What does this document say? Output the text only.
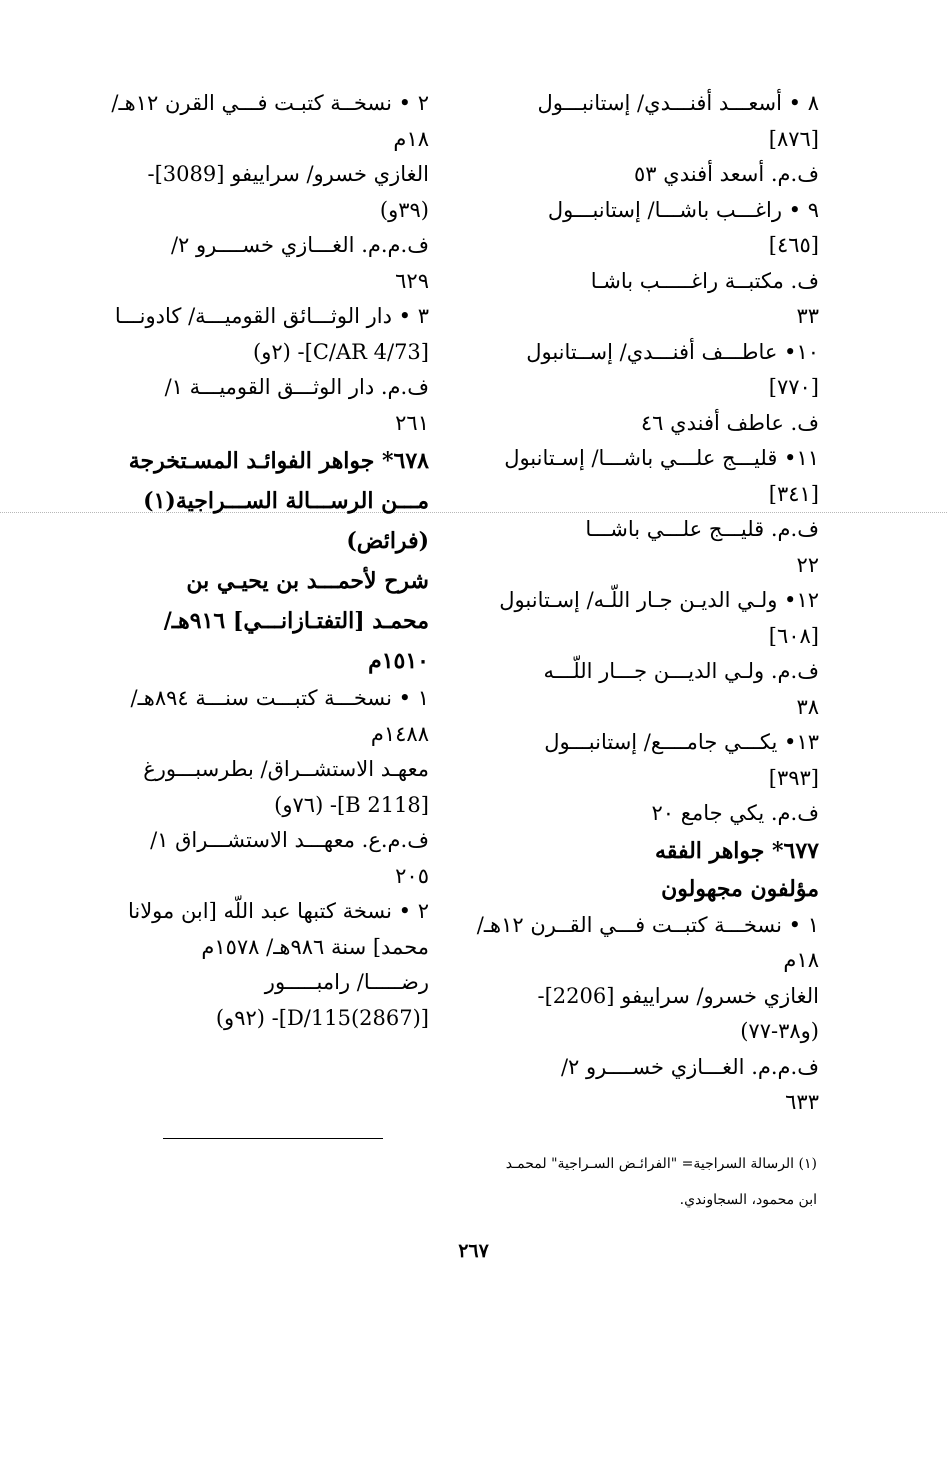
٨ • أسعـــد أفنـــدي/ إستانبـــول
[٨٧٦]
ف.م. أسعد أفندي ٥٣
٩ • راغـــب باشـــا/ إستانبـــول
[٤٦٥]
ف. مكتبــة راغـــــب باشـا
٣٣
١٠• عاطـــف أفنـــدي/ إســتانبول
[٧٧٠]
ف. عاطف أفندي ٤٦
١١• قليـــج علـــي باشـــا/ إسـتانبول
[٣٤١]
ف.م. قليـــج علـــي باشـــا
٢٢
١٢• ولـي الديـن جـار اللّـه/ إسـتانبول
[٦٠٨]
ف.م. ولـي الديـــن جـــار اللّـــه
٣٨
١٣• يكـــي جامــــع/ إستانبـــول
[٣٩٣]
ف.م. يكي جامع ٢٠
٦٧٧* جواهر الفقه
مؤلفون مجهولون
١ • نسخـــة كتبــت فـــي القــرن ١٢هـ/
١٨م
الغازي خسرو/ سراييفو [2206]-
(و٣٨-٧٧)
ف.م.م. الغـــازي خســــرو ٢/
٦٣٣
٢ • نسخــة كتبـت فـــي القرن ١٢هـ/
١٨م
الغازي خسرو/ سراييفو [3089]-
(٣٩و)
ف.م.م. الغـــازي خســــرو ٢/
٦٢٩
٣ • دار الوثـــائق القوميـــة/ كادونـــا
[C/AR 4/73]- (٢و)
ف.م. دار الوثـــق القوميـــة ١/
٢٦١
٦٧٨* جواهر الفوائـد المسـتخرجة
مـــن الرســـالة الســـراجية(١)
(فرائض)
شرح لأحمـــد بن يحيـي بن
محمـد [التفتـازانـــي] ٩١٦هـ/
١٥١٠م
١ • نسخـــة كتبـــت سنـــة ٨٩٤هـ/
١٤٨٨م
معهـد الاستشــراق/ بطرسبـــورغ
[B 2118]- (٧٦و)
ف.م.ع. معهـــد الاستشـــراق ١/
٢٠٥
٢ • نسخة كتبها عبد اللّه [ابن مولانا
محمد] سنة ٩٨٦هـ/ ١٥٧٨م
رضـــــا/ رامبـــــور
[(2867)115/D]- (٩٢و)
(١) الرسالة السراجية= "الفرائـض السـراجية" لمحمـد
ابن محمود، السجاوندي.
٢٦٧
